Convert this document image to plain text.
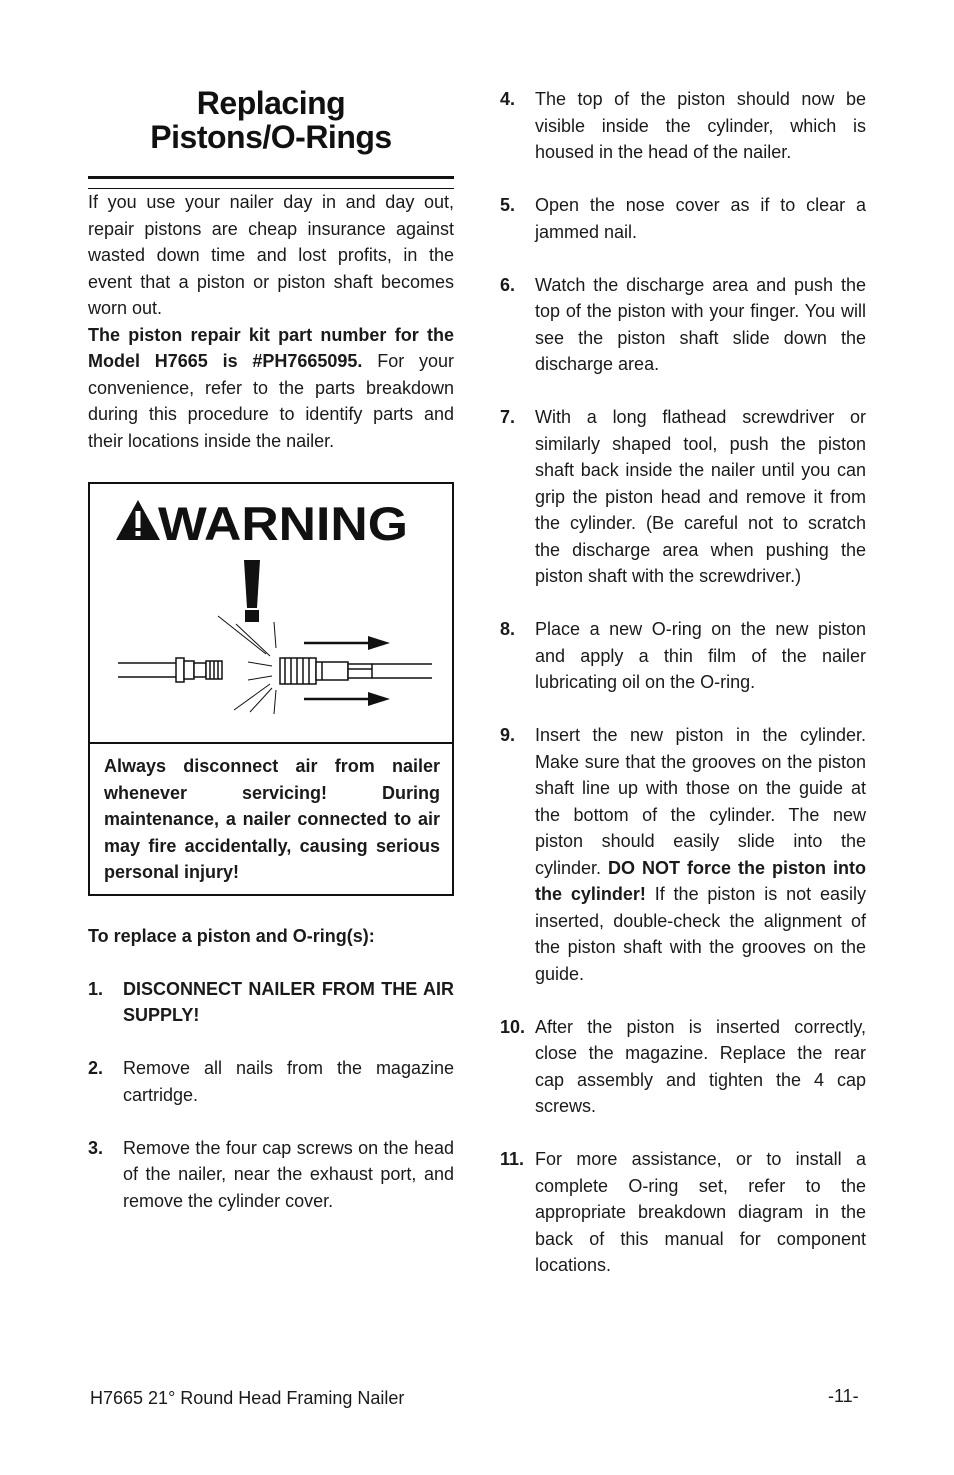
Replacing
Pistons/O-Rings

If you use your nailer day in and day out, repair pistons are cheap insurance against wasted down time and lost profits, in the event that a piston or piston shaft becomes worn out.

The piston repair kit part number for the Model H7665 is #PH7665095. For your convenience, refer to the parts breakdown during this procedure to identify parts and their locations inside the nailer.

WARNING
Always disconnect air from nailer whenever servicing! During maintenance, a nailer connected to air may fire accidentally, causing serious personal injury!
To replace a piston and O-ring(s):
1.	DISCONNECT NAILER FROM THE AIR SUPPLY!
2.	Remove all nails from the magazine cartridge.
3.	Remove the four cap screws on the head of the nailer, near the exhaust port, and remove the cylinder cover.
4.	The top of the piston should now be visible inside the cylinder, which is housed in the head of the nailer.
5.	Open the nose cover as if to clear a jammed nail.
6.	Watch the discharge area and push the top of the piston with your finger. You will see the piston shaft slide down the discharge area.
7.	With a long flathead screwdriver or similarly shaped tool, push the piston shaft back inside the nailer until you can grip the piston head and remove it from the cylinder. (Be careful not to scratch the discharge area when pushing the piston shaft with the screwdriver.)
8.	Place a new O-ring on the new piston and apply a thin film of the nailer lubricating oil on the O-ring.
9.	Insert the new piston in the cylinder. Make sure that the grooves on the piston shaft line up with those on the guide at the bottom of the cylinder. The new piston should easily slide into the cylinder. DO NOT force the piston into the cylinder! If the piston is not easily inserted, double-check the alignment of the piston shaft with the grooves on the guide.
10. After the piston is inserted correctly, close the magazine. Replace the rear cap assembly and tighten the 4 cap screws.
11. For more assistance, or to install a complete O-ring set, refer to the appropriate breakdown diagram in the back of this manual for component locations.
H7665 21° Round Head Framing Nailer	-11-
